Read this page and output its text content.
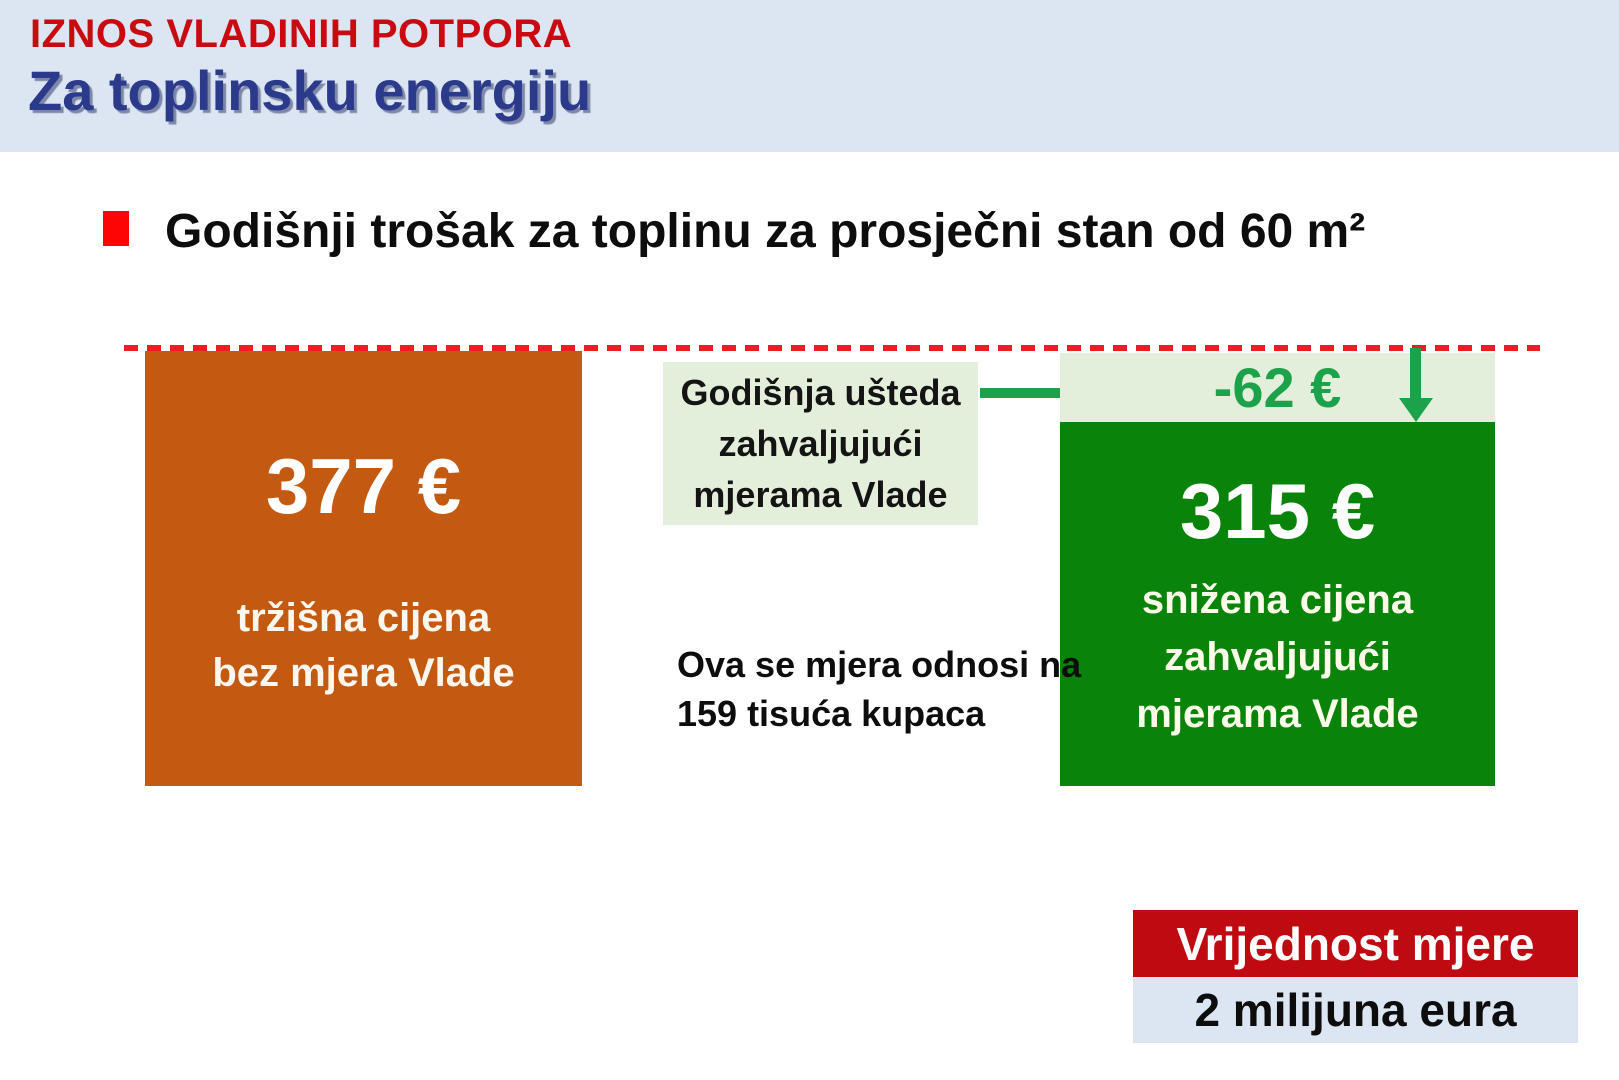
IZNOS VLADINIH POTPORA
Za toplinsku energiju
Godišnji trošak za toplinu za prosječni stan od 60 m²
377 €
tržišna cijena
bez mjera Vlade
Godišnja ušteda
zahvaljujući
mjerama Vlade
-62 €
315 €
snižena cijena
zahvaljujući
mjerama Vlade
Ova se mjera odnosi na
159 tisuća kupaca
Vrijednost mjere
2 milijuna eura
